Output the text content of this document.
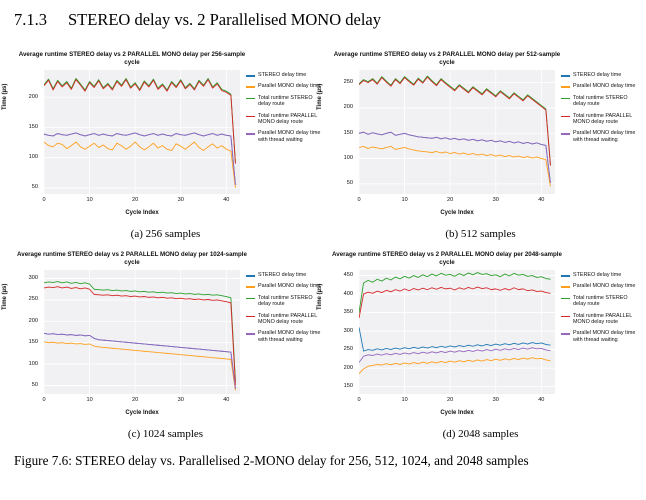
7.1.3 STEREO delay vs. 2 Parallelised MONO delay
Average runtime STEREO delay vs 2 PARALLEL MONO delay per 256-sample cycle
Time (µs)
Cycle Index
STEREO delay time
Parallel MONO delay time
Total runtime STEREO delay route
Total runtime PARALLEL MONO delay route
Parallel MONO delay time with thread waiting
50
100
150
200
0	10	20	30	40
(a) 256 samples
Average runtime STEREO delay vs 2 PARALLEL MONO delay per 512-sample cycle
Time (µs)
Cycle Index
STEREO delay time
Parallel MONO delay time
Total runtime STEREO delay route
Total runtime PARALLEL MONO delay route
Parallel MONO delay time with thread waiting
50
100
150
200
250
0	10	20	30	40
(b) 512 samples
Average runtime STEREO delay vs 2 PARALLEL MONO delay per 1024-sample cycle
Time (µs)
Cycle Index
STEREO delay time
Parallel MONO delay time
Total runtime STEREO delay route
Total runtime PARALLEL MONO delay route
Parallel MONO delay time with thread waiting
50
100
150
200
250
300
0	10	20	30	40
(c) 1024 samples
Average runtime STEREO delay vs 2 PARALLEL MONO delay per 2048-sample cycle
Time (µs)
Cycle Index
STEREO delay time
Parallel MONO delay time
Total runtime STEREO delay route
Total runtime PARALLEL MONO delay route
Parallel MONO delay time with thread waiting
150
200
250
300
350
400
450
0	10	20	30	40
(d) 2048 samples
Figure 7.6: STEREO delay vs. Parallelised 2-MONO delay for 256, 512, 1024, and 2048 samples
